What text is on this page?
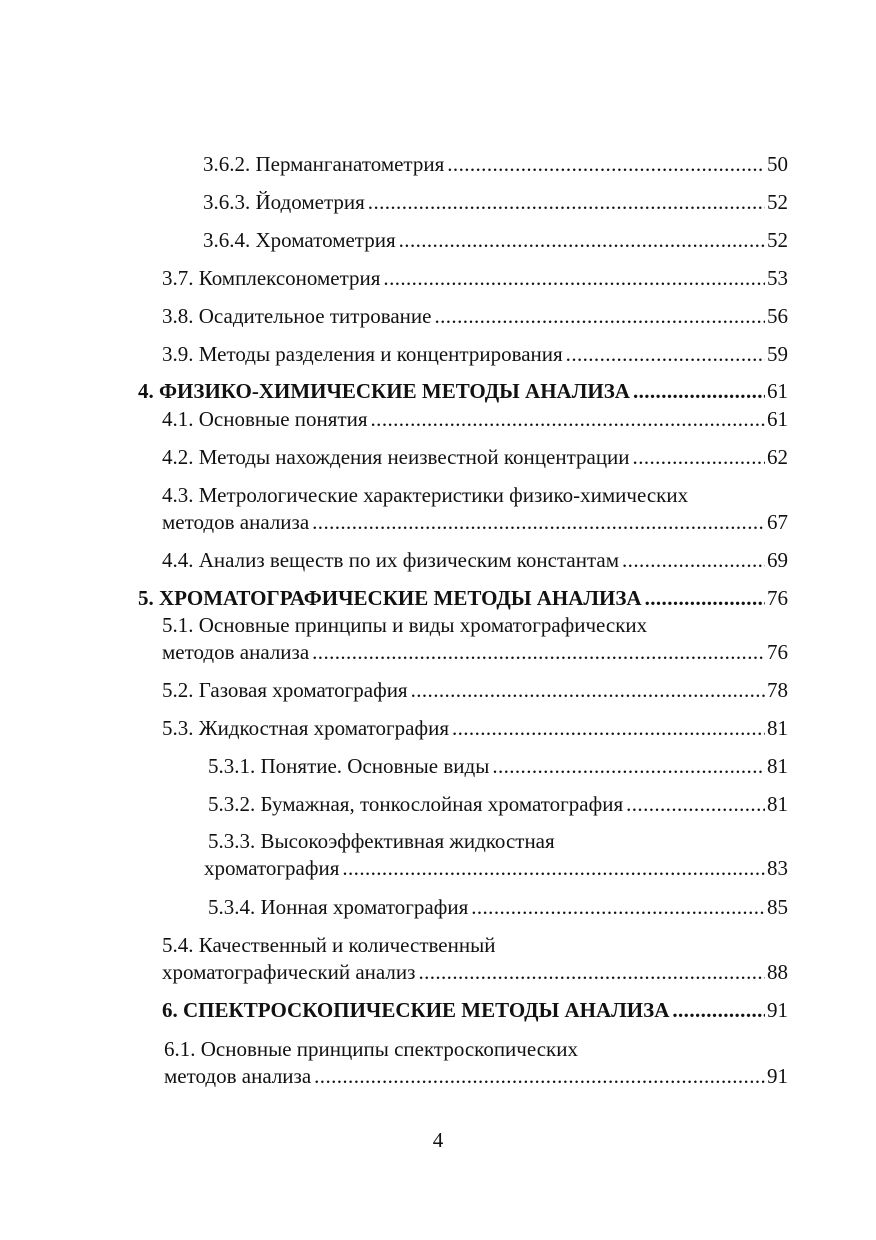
3.6.2. Перманганатометрия .....	50
3.6.3. Йодометрия .....	52
3.6.4. Хроматометрия .....	52
3.7. Комплексонометрия .....	53
3.8. Осадительное титрование .....	56
3.9. Методы разделения и концентрирования .....	59
4. ФИЗИКО-ХИМИЧЕСКИЕ МЕТОДЫ АНАЛИЗА .....	61
4.1. Основные понятия .....	61
4.2. Методы нахождения неизвестной концентрации .....	62
4.3. Метрологические характеристики физико-химических
методов анализа .....	67
4.4. Анализ веществ по их физическим константам .....	69
5. ХРОМАТОГРАФИЧЕСКИЕ МЕТОДЫ АНАЛИЗА .....	76
5.1. Основные принципы и виды хроматографических
методов анализа .....	76
5.2. Газовая хроматография .....	78
5.3. Жидкостная хроматография .....	81
5.3.1. Понятие. Основные виды .....	81
5.3.2. Бумажная, тонкослойная хроматография .....	81
5.3.3. Высокоэффективная жидкостная
хроматография .....	83
5.3.4. Ионная хроматография .....	85
5.4. Качественный и количественный
хроматографический анализ .....	88
6. СПЕКТРОСКОПИЧЕСКИЕ МЕТОДЫ АНАЛИЗА .....	91
6.1. Основные принципы спектроскопических
методов анализа .....	91
4
